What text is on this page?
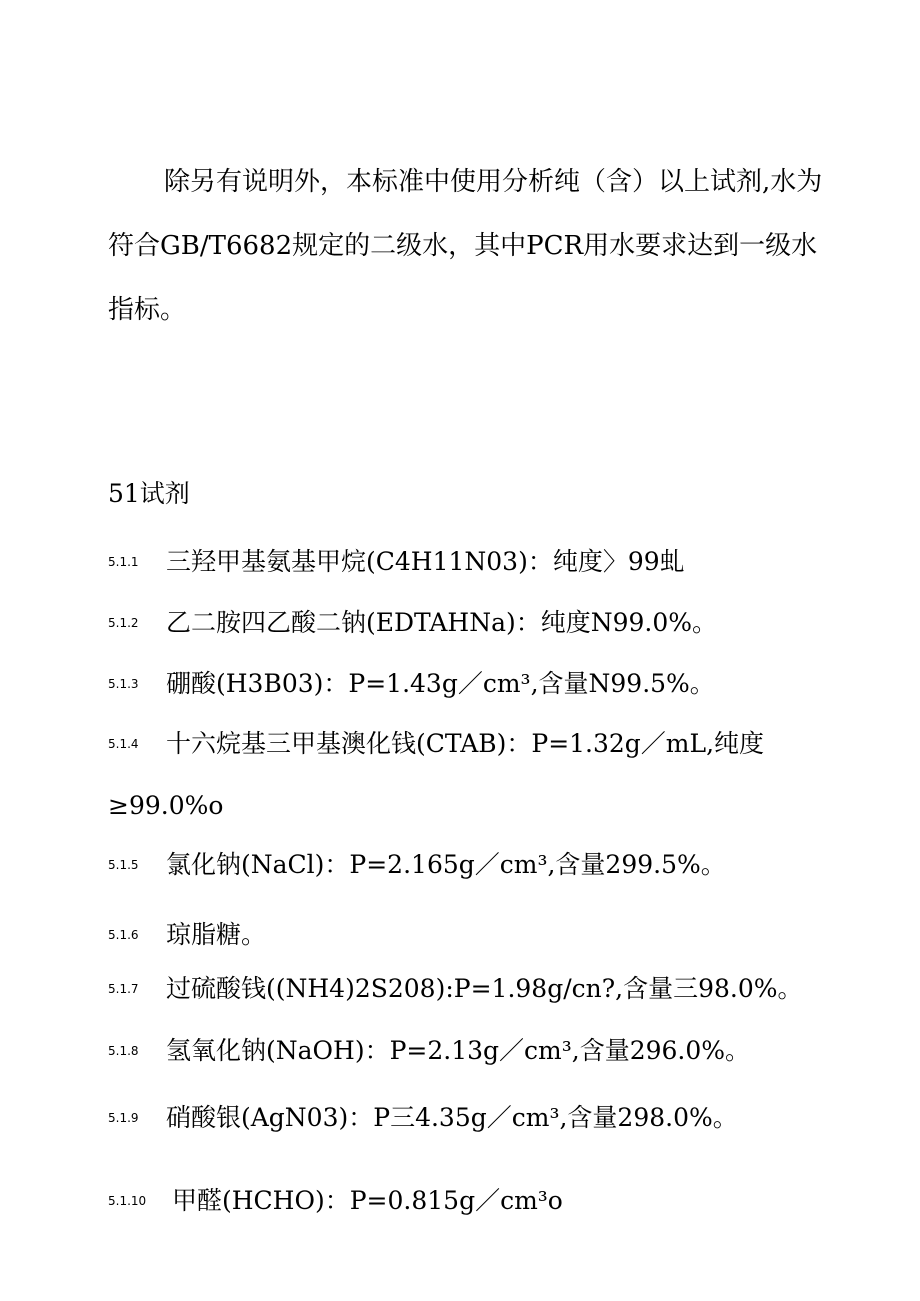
除另有说明外，本标准中使用分析纯（含）以上试剂,水为符合GB/T6682规定的二级水，其中PCR用水要求达到一级水指标。

51试剂

5.1.1 三羟甲基氨基甲烷(C4H11N03)：纯度〉99虬
5.1.2 乙二胺四乙酸二钠(EDTAHNa)：纯度N99.0%。
5.1.3 硼酸(H3B03)：P=1.43g／cm³,含量N99.5%。
5.1.4 十六烷基三甲基澳化钱(CTAB)：P=1.32g／mL,纯度
≥99.0%o
5.1.5 氯化钠(NaCl)：P=2.165g／cm³,含量299.5%。
5.1.6 琼脂糖。
5.1.7 过硫酸钱((NH4)2S208):P=1.98g/cn?,含量三98.0%。
5.1.8 氢氧化钠(NaOH)：P=2.13g／cm³,含量296.0%。
5.1.9 硝酸银(AgN03)：P三4.35g／cm³,含量298.0%。
5.1.10 甲醛(HCHO)：P=0.815g／cm³o
